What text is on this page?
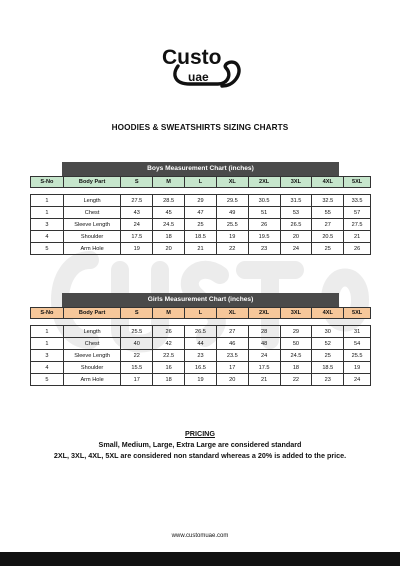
Custo
uae
HOODIES & SWEATSHIRTS SIZING CHARTS
Boys Measurement Chart (inches)
S-No	Body Part	S	M	L	XL	2XL	3XL	4XL	5XL

1	Length	27.5	28.5	29	29.5	30.5	31.5	32.5	33.5
1	Chest	43	45	47	49	51	53	55	57
3	Sleeve Length	24	24.5	25	25.5	26	26.5	27	27.5
4	Shoulder	17.5	18	18.5	19	19.5	20	20.5	21
5	Arm Hole	19	20	21	22	23	24	25	26
Girls Measurement Chart (inches)
S-No	Body Part	S	M	L	XL	2XL	3XL	4XL	5XL

1	Length	25.5	26	26.5	27	28	29	30	31
1	Chest	40	42	44	46	48	50	52	54
3	Sleeve Length	22	22.5	23	23.5	24	24.5	25	25.5
4	Shoulder	15.5	16	16.5	17	17.5	18	18.5	19
5	Arm Hole	17	18	19	20	21	22	23	24
PRICING
Small, Medium, Large, Extra Large are considered standard
2XL, 3XL, 4XL, 5XL are considered non standard whereas a 20% is added to the price.
www.customuae.com
